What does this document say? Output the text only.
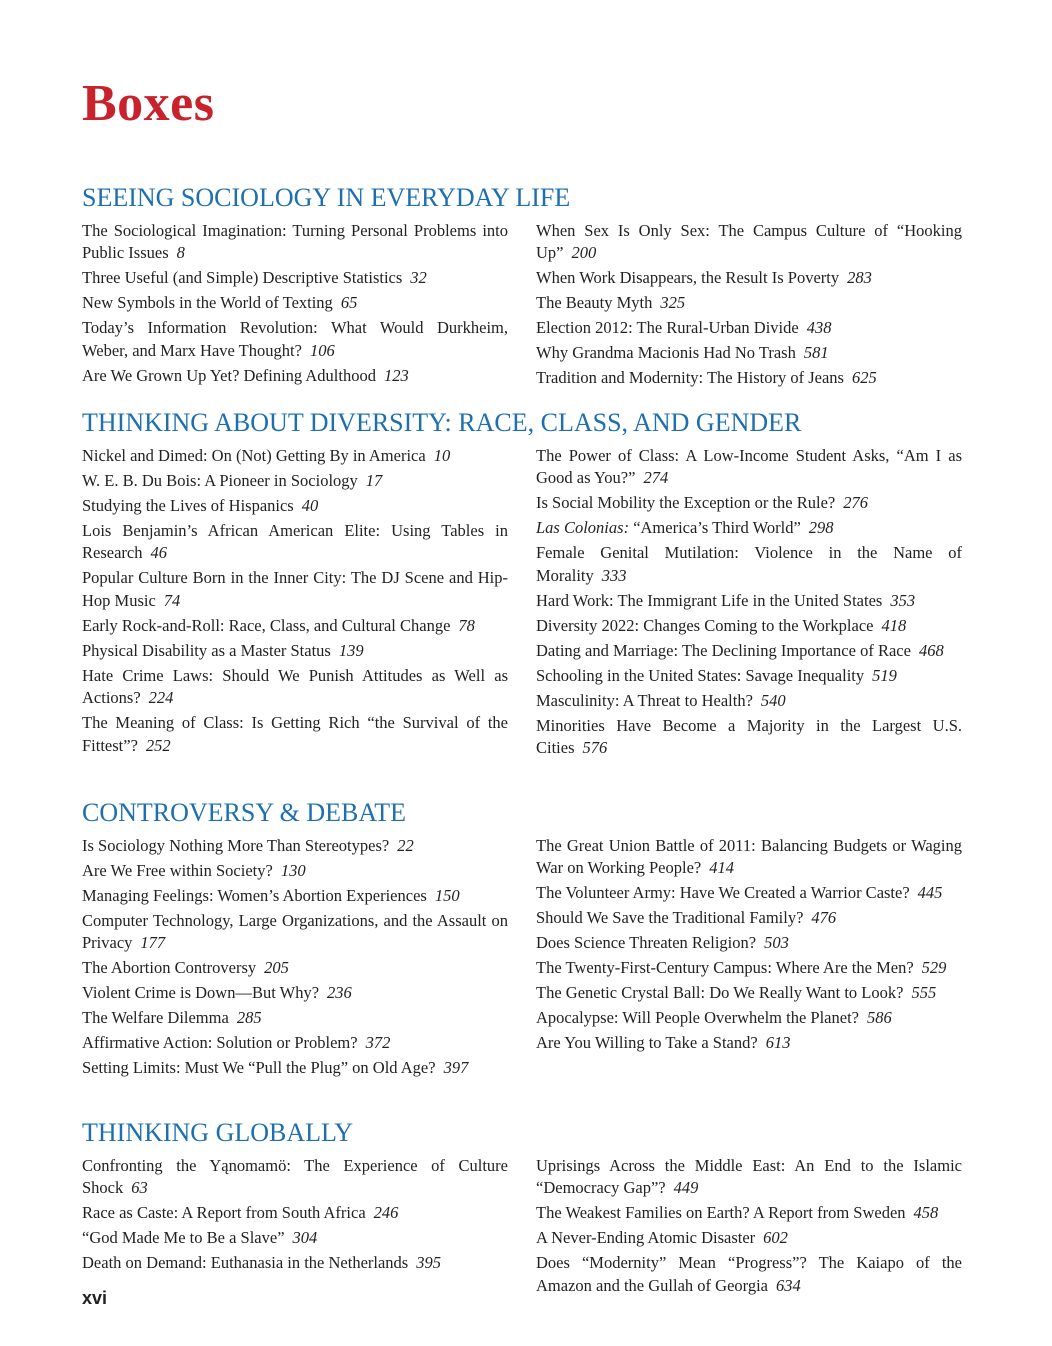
Boxes
SEEING SOCIOLOGY IN EVERYDAY LIFE
The Sociological Imagination: Turning Personal Problems into Public Issues 8
Three Useful (and Simple) Descriptive Statistics 32
New Symbols in the World of Texting 65
Today’s Information Revolution: What Would Durkheim, Weber, and Marx Have Thought? 106
Are We Grown Up Yet? Defining Adulthood 123
When Sex Is Only Sex: The Campus Culture of “Hooking Up” 200
When Work Disappears, the Result Is Poverty 283
The Beauty Myth 325
Election 2012: The Rural-Urban Divide 438
Why Grandma Macionis Had No Trash 581
Tradition and Modernity: The History of Jeans 625
THINKING ABOUT DIVERSITY: RACE, CLASS, AND GENDER
Nickel and Dimed: On (Not) Getting By in America 10
W. E. B. Du Bois: A Pioneer in Sociology 17
Studying the Lives of Hispanics 40
Lois Benjamin’s African American Elite: Using Tables in Research 46
Popular Culture Born in the Inner City: The DJ Scene and Hip-Hop Music 74
Early Rock-and-Roll: Race, Class, and Cultural Change 78
Physical Disability as a Master Status 139
Hate Crime Laws: Should We Punish Attitudes as Well as Actions? 224
The Meaning of Class: Is Getting Rich “the Survival of the Fittest”? 252
The Power of Class: A Low-Income Student Asks, “Am I as Good as You?” 274
Is Social Mobility the Exception or the Rule? 276
Las Colonias: “America’s Third World” 298
Female Genital Mutilation: Violence in the Name of Morality 333
Hard Work: The Immigrant Life in the United States 353
Diversity 2022: Changes Coming to the Workplace 418
Dating and Marriage: The Declining Importance of Race 468
Schooling in the United States: Savage Inequality 519
Masculinity: A Threat to Health? 540
Minorities Have Become a Majority in the Largest U.S. Cities 576
CONTROVERSY & DEBATE
Is Sociology Nothing More Than Stereotypes? 22
Are We Free within Society? 130
Managing Feelings: Women’s Abortion Experiences 150
Computer Technology, Large Organizations, and the Assault on Privacy 177
The Abortion Controversy 205
Violent Crime is Down—But Why? 236
The Welfare Dilemma 285
Affirmative Action: Solution or Problem? 372
Setting Limits: Must We “Pull the Plug” on Old Age? 397
The Great Union Battle of 2011: Balancing Budgets or Waging War on Working People? 414
The Volunteer Army: Have We Created a Warrior Caste? 445
Should We Save the Traditional Family? 476
Does Science Threaten Religion? 503
The Twenty-First-Century Campus: Where Are the Men? 529
The Genetic Crystal Ball: Do We Really Want to Look? 555
Apocalypse: Will People Overwhelm the Planet? 586
Are You Willing to Take a Stand? 613
THINKING GLOBALLY
Confronting the Yąnomamö: The Experience of Culture Shock 63
Race as Caste: A Report from South Africa 246
“God Made Me to Be a Slave” 304
Death on Demand: Euthanasia in the Netherlands 395
Uprisings Across the Middle East: An End to the Islamic “Democracy Gap”? 449
The Weakest Families on Earth? A Report from Sweden 458
A Never-Ending Atomic Disaster 602
Does “Modernity” Mean “Progress”? The Kaiapo of the Amazon and the Gullah of Georgia 634
xvi
